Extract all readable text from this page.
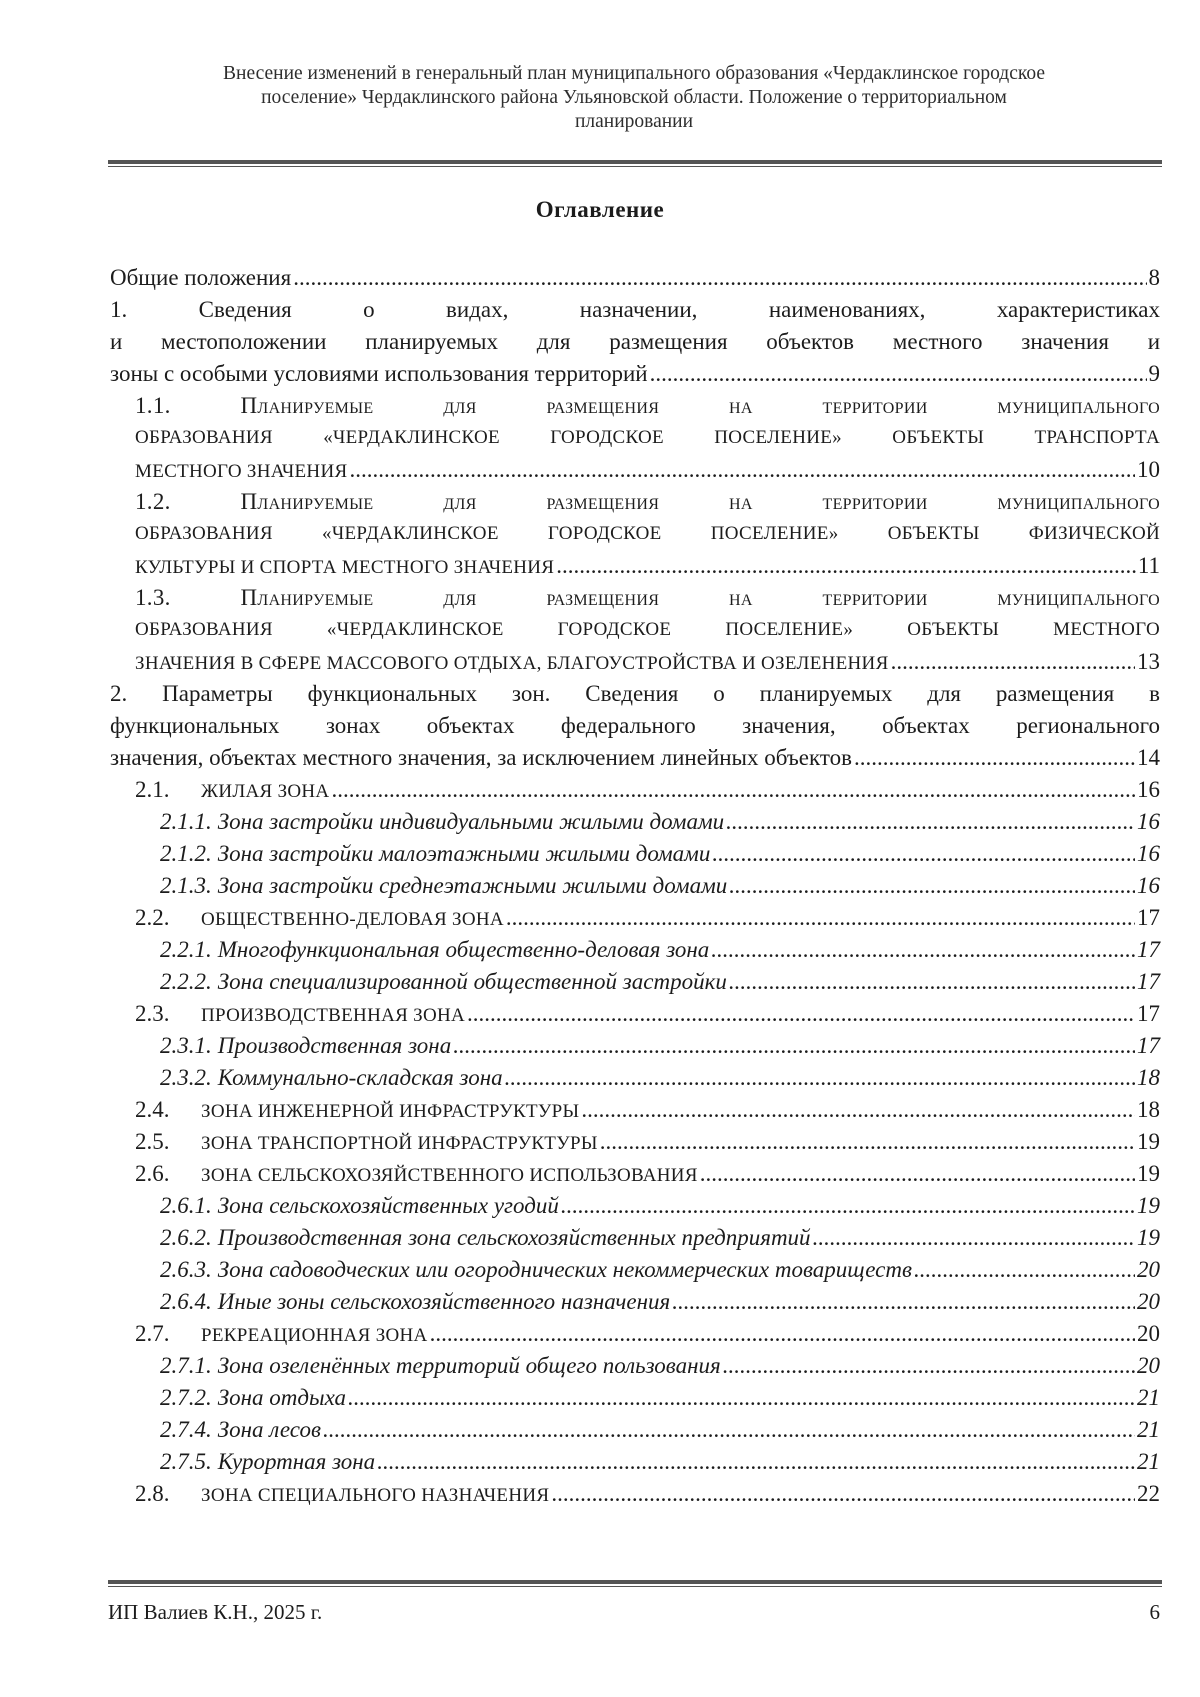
Внесение изменений в генеральный план муниципального образования «Чердаклинское городское
поселение» Чердаклинского района Ульяновской области. Положение о территориальном
планировании
Оглавление
Общие положения .....	8
1. Сведения о видах, назначении, наименованиях, характеристиках
и местоположении планируемых для размещения объектов местного значения и
зоны с особыми условиями использования территорий .....	9
1.1. Планируемые для размещения на территории муниципального
ОБРАЗОВАНИЯ «ЧЕРДАКЛИНСКОЕ ГОРОДСКОЕ ПОСЕЛЕНИЕ» ОБЪЕКТЫ ТРАНСПОРТА
МЕСТНОГО ЗНАЧЕНИЯ .....	10
1.2. Планируемые для размещения на территории муниципального
ОБРАЗОВАНИЯ «ЧЕРДАКЛИНСКОЕ ГОРОДСКОЕ ПОСЕЛЕНИЕ» ОБЪЕКТЫ ФИЗИЧЕСКОЙ
КУЛЬТУРЫ И СПОРТА МЕСТНОГО ЗНАЧЕНИЯ .....	11
1.3. Планируемые для размещения на территории муниципального
ОБРАЗОВАНИЯ «ЧЕРДАКЛИНСКОЕ ГОРОДСКОЕ ПОСЕЛЕНИЕ» ОБЪЕКТЫ МЕСТНОГО
ЗНАЧЕНИЯ В СФЕРЕ МАССОВОГО ОТДЫХА, БЛАГОУСТРОЙСТВА И ОЗЕЛЕНЕНИЯ .....	13
2. Параметры функциональных зон. Сведения о планируемых для размещения в
функциональных зонах объектах федерального значения, объектах регионального
значения, объектах местного значения, за исключением линейных объектов .....	14
2.1.	ЖИЛАЯ ЗОНА .....	16
2.1.1. Зона застройки индивидуальными жилыми домами .....	16
2.1.2. Зона застройки малоэтажными жилыми домами .....	16
2.1.3. Зона застройки среднеэтажными жилыми домами .....	16
2.2.	ОБЩЕСТВЕННО-ДЕЛОВАЯ ЗОНА .....	17
2.2.1. Многофункциональная общественно-деловая зона .....	17
2.2.2. Зона специализированной общественной застройки .....	17
2.3.	ПРОИЗВОДСТВЕННАЯ ЗОНА .....	17
2.3.1. Производственная зона .....	17
2.3.2. Коммунально-складская зона .....	18
2.4.	ЗОНА ИНЖЕНЕРНОЙ ИНФРАСТРУКТУРЫ .....	18
2.5.	ЗОНА ТРАНСПОРТНОЙ ИНФРАСТРУКТУРЫ .....	19
2.6.	ЗОНА СЕЛЬСКОХОЗЯЙСТВЕННОГО ИСПОЛЬЗОВАНИЯ .....	19
2.6.1. Зона сельскохозяйственных угодий .....	19
2.6.2. Производственная зона сельскохозяйственных предприятий .....	19
2.6.3. Зона садоводческих или огороднических некоммерческих товариществ .....	20
2.6.4. Иные зоны сельскохозяйственного назначения .....	20
2.7.	РЕКРЕАЦИОННАЯ ЗОНА .....	20
2.7.1. Зона озеленённых территорий общего пользования .....	20
2.7.2. Зона отдыха .....	21
2.7.4. Зона лесов .....	21
2.7.5. Курортная зона .....	21
2.8.	ЗОНА СПЕЦИАЛЬНОГО НАЗНАЧЕНИЯ .....	22
ИП Валиев К.Н., 2025 г.	6
